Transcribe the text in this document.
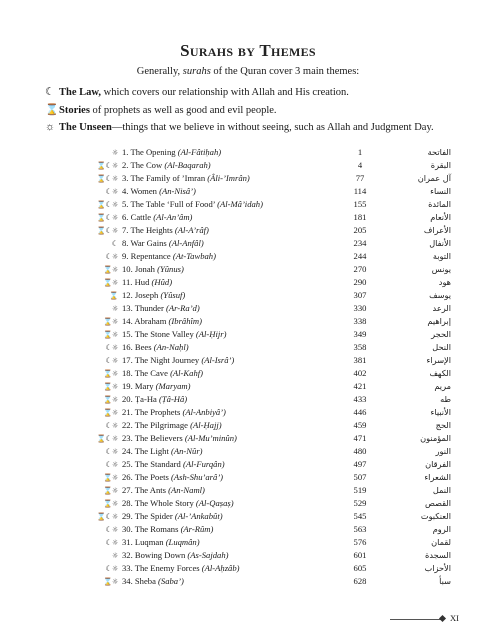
Surahs by Themes
Generally, surahs of the Quran cover 3 main themes:
☾ The Law, which covers our relationship with Allah and His creation.
⌛Stories of prophets as well as good and evil people.
☼ The Unseen—things that we believe in without seeing, such as Allah and Judgment Day.
☼ 1. The Opening (Al-Fâtiḥah)	1	الفاتحة
⌛☾☼ 2. The Cow (Al-Baqarah)	4	البقرة
⌛☾☼ 3. The Family of ’Imran (Âli-’Imrân)	77	آل عمران
☾☼ 4. Women (An-Nisâ’)	114	النساء
⌛☾☼ 5. The Table ‘Full of Food’ (Al-Mâ’idah)	155	المائدة
⌛☾☼ 6. Cattle (Al-An’âm)	181	الأنعام
⌛☾☼ 7. The Heights (Al-A’râf)	205	الأعراف
☾ 8. War Gains (Al-Anfâl)	234	الأنفال
☾☼ 9. Repentance (At-Tawbah)	244	التوبة
⌛☼ 10. Jonah (Yûnus)	270	يونس
⌛☼ 11. Hud (Hûd)	290	هود
⌛ 12. Joseph (Yûsuf)	307	يوسف
☼ 13. Thunder (Ar-Ra’d)	330	الرعد
⌛☼ 14. Abraham (Ibrâhîm)	338	إبراهيم
⌛☼ 15. The Stone Valley (Al-Ḥijr)	349	الحجر
☾☼ 16. Bees (An-Naḥl)	358	النحل
☾☼ 17. The Night Journey (Al-Isrâ’)	381	الإسراء
⌛☼ 18. The Cave (Al-Kahf)	402	الكهف
⌛☼ 19. Mary (Maryam)	421	مريم
⌛☼ 20. Ṭa-Ha (Ṭâ-Hâ)	433	طه
⌛☼ 21. The Prophets (Al-Anbiyâ’)	446	الأنبياء
☾☼ 22. The Pilgrimage (Al-Ḥajj)	459	الحج
⌛☾☼ 23. The Believers (Al-Mu’minûn)	471	المؤمنون
☾☼ 24. The Light (An-Nûr)	480	النور
☾☼ 25. The Standard (Al-Furqân)	497	الفرقان
⌛☼ 26. The Poets (Ash-Shu’arâ’)	507	الشعراء
⌛☼ 27. The Ants (An-Naml)	519	النمل
⌛☼ 28. The Whole Story (Al-Qaṣaṣ)	529	القصص
⌛☾☼ 29. The Spider (Al-’Ankabût)	545	العنكبوت
☾☼ 30. The Romans (Ar-Rûm)	563	الروم
☾☼ 31. Luqman (Luqmân)	576	لقمان
☼ 32. Bowing Down (As-Sajdah)	601	السجدة
☾☼ 33. The Enemy Forces (Al-Aḥzâb)	605	الأحزاب
⌛☼ 34. Sheba (Saba’)	628	سبأ
XI
